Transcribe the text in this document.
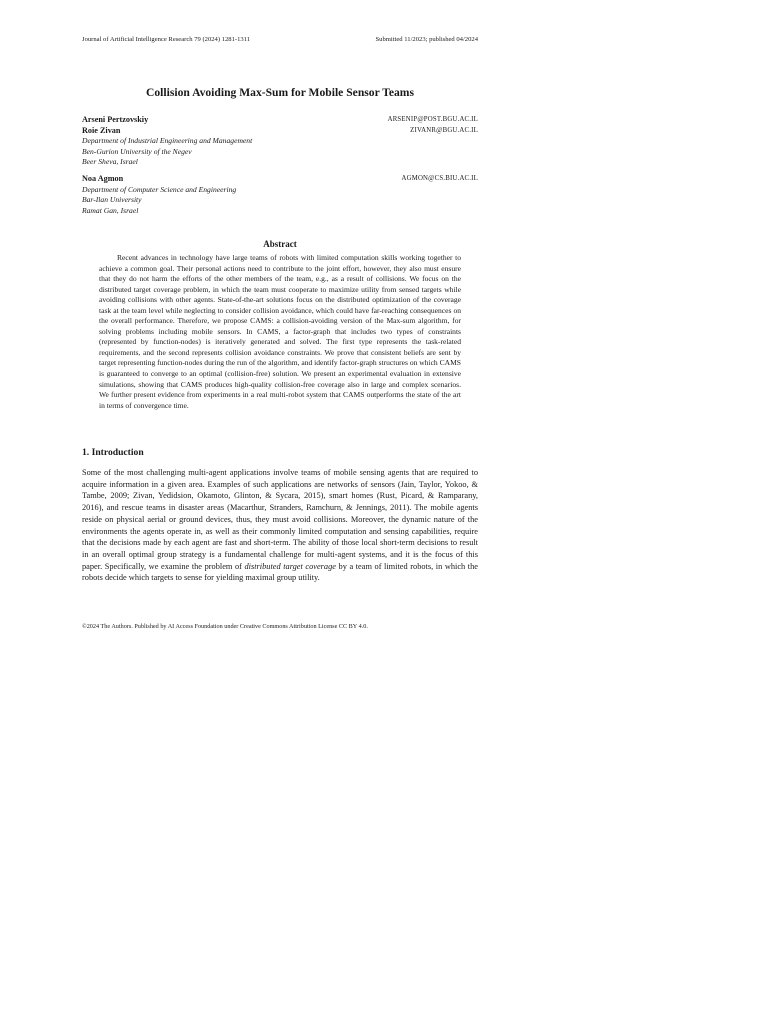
Journal of Artificial Intelligence Research 79 (2024) 1281-1311	Submitted 11/2023; published 04/2024
Collision Avoiding Max-Sum for Mobile Sensor Teams
Arseni Pertzovskiy	ARSENIP@POST.BGU.AC.IL
Roie Zivan	ZIVANR@BGU.AC.IL
Department of Industrial Engineering and Management
Ben-Gurion University of the Negev
Beer Sheva, Israel
Noa Agmon	AGMON@CS.BIU.AC.IL
Department of Computer Science and Engineering
Bar-Ilan University
Ramat Gan, Israel
Abstract
Recent advances in technology have large teams of robots with limited computation skills working together to achieve a common goal. Their personal actions need to contribute to the joint effort, however, they also must ensure that they do not harm the efforts of the other members of the team, e.g., as a result of collisions. We focus on the distributed target coverage problem, in which the team must cooperate to maximize utility from sensed targets while avoiding collisions with other agents. State-of-the-art solutions focus on the distributed optimization of the coverage task at the team level while neglecting to consider collision avoidance, which could have far-reaching consequences on the overall performance. Therefore, we propose CAMS: a collision-avoiding version of the Max-sum algorithm, for solving problems including mobile sensors. In CAMS, a factor-graph that includes two types of constraints (represented by function-nodes) is iteratively generated and solved. The first type represents the task-related requirements, and the second represents collision avoidance constraints. We prove that consistent beliefs are sent by target representing function-nodes during the run of the algorithm, and identify factor-graph structures on which CAMS is guaranteed to converge to an optimal (collision-free) solution. We present an experimental evaluation in extensive simulations, showing that CAMS produces high-quality collision-free coverage also in large and complex scenarios. We further present evidence from experiments in a real multi-robot system that CAMS outperforms the state of the art in terms of convergence time.
1. Introduction
Some of the most challenging multi-agent applications involve teams of mobile sensing agents that are required to acquire information in a given area. Examples of such applications are networks of sensors (Jain, Taylor, Yokoo, & Tambe, 2009; Zivan, Yedidsion, Okamoto, Glinton, & Sycara, 2015), smart homes (Rust, Picard, & Ramparany, 2016), and rescue teams in disaster areas (Macarthur, Stranders, Ramchurn, & Jennings, 2011). The mobile agents reside on physical aerial or ground devices, thus, they must avoid collisions. Moreover, the dynamic nature of the environments the agents operate in, as well as their commonly limited computation and sensing capabilities, require that the decisions made by each agent are fast and short-term. The ability of those local short-term decisions to result in an overall optimal group strategy is a fundamental challenge for multi-agent systems, and it is the focus of this paper. Specifically, we examine the problem of distributed target coverage by a team of limited robots, in which the robots decide which targets to sense for yielding maximal group utility.
©2024 The Authors. Published by AI Access Foundation under Creative Commons Attribution License CC BY 4.0.
